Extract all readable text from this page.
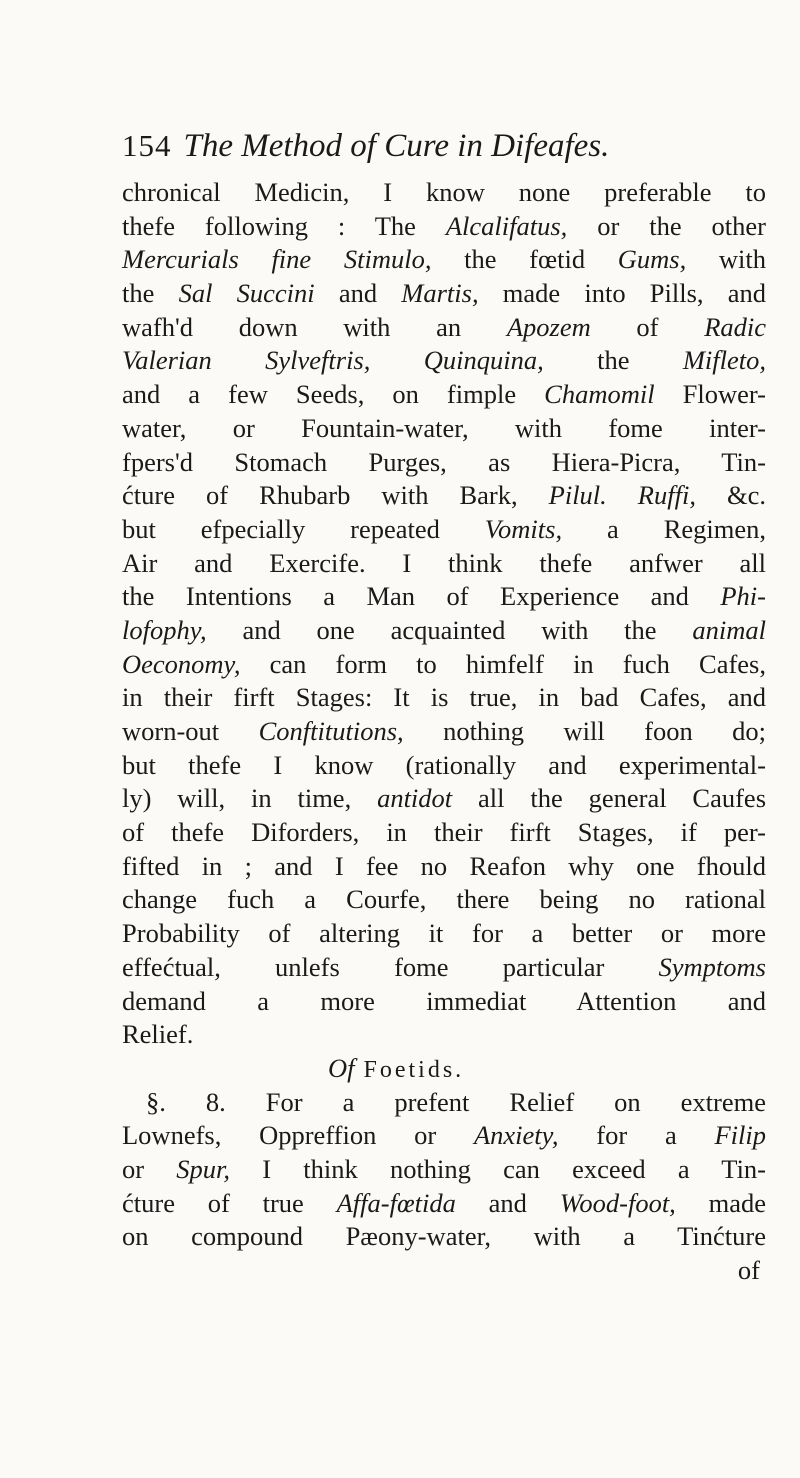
154 The Method of Cure in Difeafes.
chronical Medicin, I know none preferable to
thefe following : The Alcalifatus, or the other
Mercurials fine Stimulo, the fœtid Gums, with
the Sal Succini and Martis, made into Pills, and
wafh'd down with an Apozem of Radic
Valerian Sylveftris, Quinquina, the Mifleto,
and a few Seeds, on fimple Chamomil Flower-
water, or Fountain-water, with fome inter-
fpers'd Stomach Purges, as Hiera-Picra, Tin-
ćture of Rhubarb with Bark, Pilul. Ruffi, &c.
but efpecially repeated Vomits, a Regimen,
Air and Exercife. I think thefe anfwer all
the Intentions a Man of Experience and Phi-
lofophy, and one acquainted with the animal
Oeconomy, can form to himfelf in fuch Cafes,
in their firft Stages: It is true, in bad Cafes, and
worn-out Conftitutions, nothing will foon do;
but thefe I know (rationally and experimental-
ly) will, in time, antidot all the general Caufes
of thefe Diforders, in their firft Stages, if per-
fifted in ; and I fee no Reafon why one fhould
change fuch a Courfe, there being no rational
Probability of altering it for a better or more
effećtual, unlefs fome particular Symptoms
demand a more immediat Attention and
Relief.
Of Foetids.
§. 8. For a prefent Relief on extreme
Lownefs, Oppreffion or Anxiety, for a Filip
or Spur, I think nothing can exceed a Tin-
ćture of true Affa-fœtida and Wood-foot, made
on compound Pæony-water, with a Tinćture
of
